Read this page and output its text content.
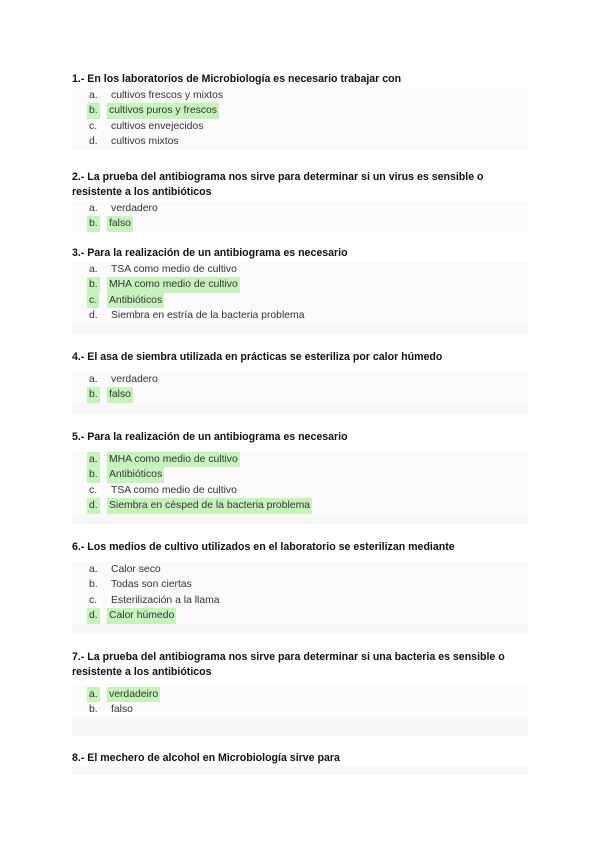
1.- En los laboratorios de Microbiología es necesario trabajar con
a. cultivos frescos y mixtos
b. cultivos puros y frescos
c. cultivos envejecidos
d. cultivos mixtos
2.- La prueba del antibiograma nos sirve para determinar si un virus es sensible o resistente a los antibióticos
a. verdadero
b. falso
3.- Para la realización de un antibiograma es necesario
a. TSA como medio de cultivo
b. MHA como medio de cultivo
c. Antibióticos
d. Siembra en estría de la bacteria problema
4.- El asa de siembra utilizada en prácticas se esteriliza por calor húmedo
a. verdadero
b. falso
5.- Para la realización de un antibiograma es necesario
a. MHA como medio de cultivo
b. Antibióticos
c. TSA como medio de cultivo
d. Siembra en césped de la bacteria problema
6.- Los medios de cultivo utilizados en el laboratorio se esterilizan mediante
a. Calor seco
b. Todas son ciertas
c. Esterilización a la llama
d. Calor húmedo
7.- La prueba del antibiograma nos sirve para determinar si una bacteria es sensible o resistente a los antibióticos
a. verdadeiro
b. falso
8.- El mechero de alcohol en Microbiología sirve para
